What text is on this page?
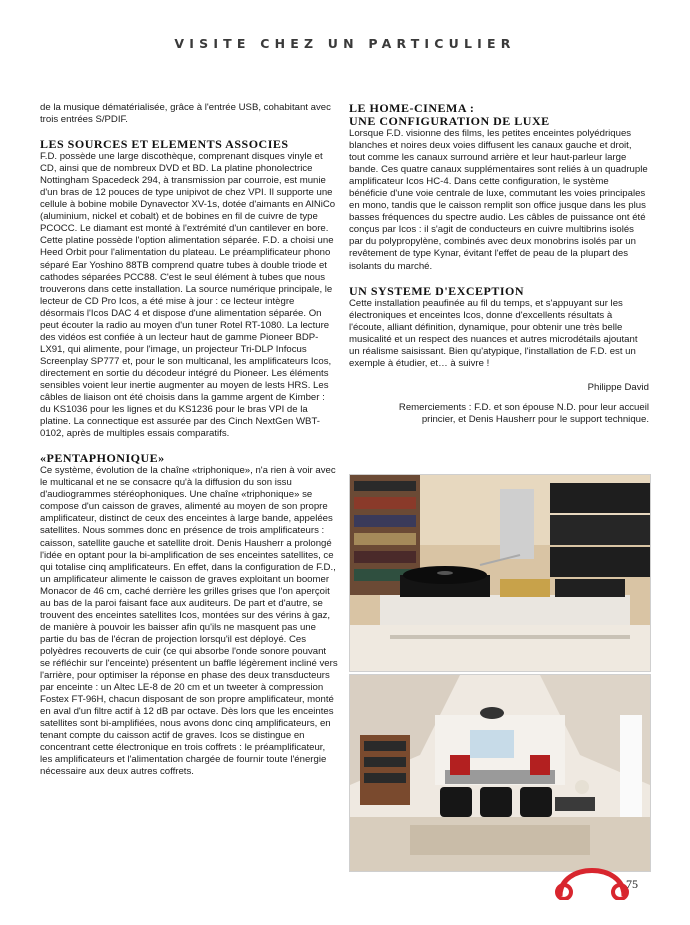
VISITE CHEZ UN PARTICULIER

de la musique dématérialisée, grâce à l'entrée USB, cohabitant avec trois entrées S/PDIF.

LES SOURCES ET ELEMENTS ASSOCIES

F.D. possède une large discothèque, comprenant disques vinyle et CD, ainsi que de nombreux DVD et BD. La platine phonolectrice Nottingham Spacedeck 294, à transmission par courroie, est munie d'un bras de 12 pouces de type unipivot de chez VPI. Il supporte une cellule à bobine mobile Dynavector XV-1s, dotée d'aimants en AlNiCo (aluminium, nickel et cobalt) et de bobines en fil de cuivre de type PCOCC. Le diamant est monté à l'extrémité d'un cantilever en bore. Cette platine possède l'option alimentation séparée. F.D. a choisi une Heed Orbit pour l'alimentation du plateau. Le préamplificateur phono séparé Ear Yoshino 88TB comprend quatre tubes à double triode et cathodes séparées PCC88. C'est le seul élément à tubes que nous trouverons dans cette installation. La source numérique principale, le lecteur de CD Pro Icos, a été mise à jour : ce lecteur intègre désormais l'Icos DAC 4 et dispose d'une alimentation séparée. On peut écouter la radio au moyen d'un tuner Rotel RT-1080. La lecture des vidéos est confiée à un lecteur haut de gamme Pioneer BDP-LX91, qui alimente, pour l'image, un projecteur Tri-DLP Infocus Screenplay SP777 et, pour le son multicanal, les amplificateurs Icos, directement en sortie du décodeur intégré du Pioneer. Les éléments sensibles voient leur inertie augmenter au moyen de lests HRS. Les câbles de liaison ont été choisis dans la gamme argent de Kimber : du KS1036 pour les lignes et du KS1236 pour le bras VPI de la platine. La connectique est assurée par des Cinch NextGen WBT-0102, après de multiples essais comparatifs.

«PENTAPHONIQUE»

Ce système, évolution de la chaîne «triphonique», n'a rien à voir avec le multicanal et ne se consacre qu'à la diffusion du son issu d'audiogrammes stéréophoniques. Une chaîne «triphonique» se compose d'un caisson de graves, alimenté au moyen de son propre amplificateur, distinct de ceux des enceintes à large bande, appelées satellites. Nous sommes donc en présence de trois amplificateurs : caisson, satellite gauche et satellite droit. Denis Hausherr a prolongé l'idée en optant pour la bi-amplification de ses enceintes satellites, ce qui totalise cinq amplificateurs. En effet, dans la configuration de F.D., un amplificateur alimente le caisson de graves exploitant un boomer Monacor de 46 cm, caché derrière les grilles grises que l'on aperçoit au bas de la paroi faisant face aux auditeurs. De part et d'autre, se trouvent des enceintes satellites Icos, montées sur des vérins à gaz, de manière à pouvoir les baisser afin qu'ils ne masquent pas une partie du bas de l'écran de projection lorsqu'il est déployé. Ces polyèdres recouverts de cuir (ce qui absorbe l'onde sonore pouvant se réfléchir sur l'enceinte) présentent un baffle légèrement incliné vers l'arrière, pour optimiser la réponse en phase des deux transducteurs par enceinte : un Altec LE-8 de 20 cm et un tweeter à compression Fostex FT-96H, chacun disposant de son propre amplificateur, monté en aval d'un filtre actif à 12 dB par octave. Dès lors que les enceintes satellites sont bi-amplifiées, nous avons donc cinq amplificateurs, en tenant compte du caisson actif de graves. Icos se distingue en concentrant cette électronique en trois coffrets : le préamplificateur, les amplificateurs et l'alimentation chargée de fournir toute l'énergie nécessaire aux deux autres coffrets.

LE HOME-CINEMA :
UNE CONFIGURATION DE LUXE

Lorsque F.D. visionne des films, les petites enceintes polyédriques blanches et noires deux voies diffusent les canaux gauche et droit, tout comme les canaux surround arrière et leur haut-parleur large bande. Ces quatre canaux supplémentaires sont reliés à un quadruple amplificateur Icos HC-4. Dans cette configuration, le système bénéficie d'une voie centrale de luxe, commutant les voies principales en mono, tandis que le caisson remplit son office jusque dans les plus basses fréquences du spectre audio. Les câbles de puissance ont été conçus par Icos : il s'agit de conducteurs en cuivre multibrins isolés par du polypropylène, combinés avec deux monobrins isolés par un revêtement de type Kynar, évitant l'effet de peau de la plupart des isolants du marché.

UN SYSTEME D'EXCEPTION

Cette installation peaufinée au fil du temps, et s'appuyant sur les électroniques et enceintes Icos, donne d'excellents résultats à l'écoute, alliant définition, dynamique, pour obtenir une très belle musicalité et un respect des nuances et autres microdétails ajoutant un réalisme saisissant. Bien qu'atypique, l'installation de F.D. est un exemple à étudier, et… à suivre !

Philippe David

Remerciements : F.D. et son épouse N.D. pour leur accueil princier, et Denis Hausherr pour le support technique.

75
